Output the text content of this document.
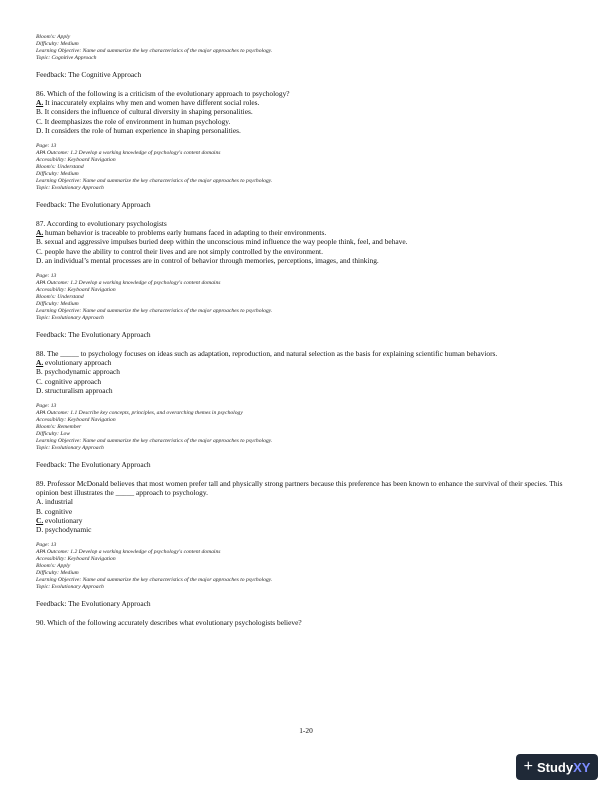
Bloom's: Apply
Difficulty: Medium
Learning Objective: Name and summarize the key characteristics of the major approaches to psychology.
Topic: Cognitive Approach
Feedback: The Cognitive Approach
86. Which of the following is a criticism of the evolutionary approach to psychology?
A. It inaccurately explains why men and women have different social roles.
B. It considers the influence of cultural diversity in shaping personalities.
C. It deemphasizes the role of environment in human psychology.
D. It considers the role of human experience in shaping personalities.
Page: 13
APA Outcome: 1.2 Develop a working knowledge of psychology's content domains
Accessibility: Keyboard Navigation
Bloom's: Understand
Difficulty: Medium
Learning Objective: Name and summarize the key characteristics of the major approaches to psychology.
Topic: Evolutionary Approach
Feedback: The Evolutionary Approach
87. According to evolutionary psychologists
A. human behavior is traceable to problems early humans faced in adapting to their environments.
B. sexual and aggressive impulses buried deep within the unconscious mind influence the way people think, feel, and behave.
C. people have the ability to control their lives and are not simply controlled by the environment.
D. an individual’s mental processes are in control of behavior through memories, perceptions, images, and thinking.
Page: 13
APA Outcome: 1.2 Develop a working knowledge of psychology's content domains
Accessibility: Keyboard Navigation
Bloom's: Understand
Difficulty: Medium
Learning Objective: Name and summarize the key characteristics of the major approaches to psychology.
Topic: Evolutionary Approach
Feedback: The Evolutionary Approach
88. The _____ to psychology focuses on ideas such as adaptation, reproduction, and natural selection as the basis for explaining scientific human behaviors.
A. evolutionary approach
B. psychodynamic approach
C. cognitive approach
D. structuralism approach
Page: 13
APA Outcome: 1.1 Describe key concepts, principles, and overarching themes in psychology
Accessibility: Keyboard Navigation
Bloom's: Remember
Difficulty: Low
Learning Objective: Name and summarize the key characteristics of the major approaches to psychology.
Topic: Evolutionary Approach
Feedback: The Evolutionary Approach
89. Professor McDonald believes that most women prefer tall and physically strong partners because this preference has been known to enhance the survival of their species. This opinion best illustrates the _____ approach to psychology.
A. industrial
B. cognitive
C. evolutionary
D. psychodynamic
Page: 13
APA Outcome: 1.2 Develop a working knowledge of psychology's content domains
Accessibility: Keyboard Navigation
Bloom's: Apply
Difficulty: Medium
Learning Objective: Name and summarize the key characteristics of the major approaches to psychology.
Topic: Evolutionary Approach
Feedback: The Evolutionary Approach
90. Which of the following accurately describes what evolutionary psychologists believe?
1-20
+ StudyXY
